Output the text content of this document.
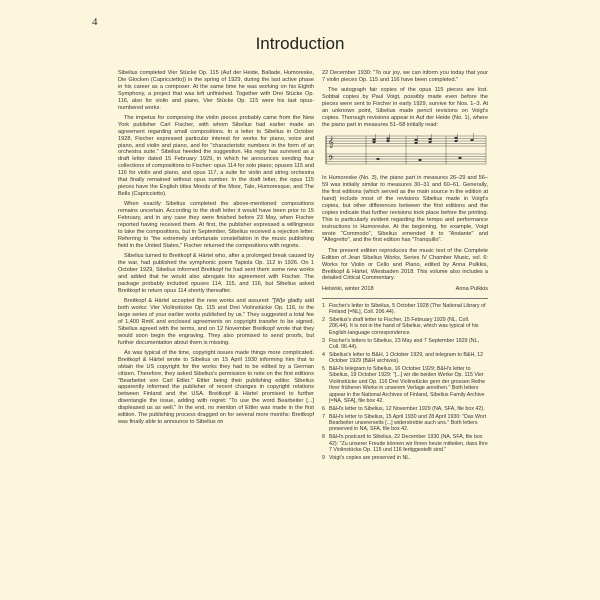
4
Introduction

Sibelius completed Vier Stücke Op. 115 (Auf der Heide, Ballade, Humoreske, Die Glocken (Capriccietto)) in the spring of 1929, during the last active phase in his career as a composer. At the same time he was working on his Eighth Symphony, a project that was left unfinished. Together with Drei Stücke Op. 116, also for violin and piano, Vier Stücke Op. 115 were his last opus-numbered works.

The impetus for composing the violin pieces probably came from the New York publisher Carl Fischer, with whom Sibelius had earlier made an agreement regarding small compositions. In a letter to Sibelius in October 1928, Fischer expressed particular interest for works for piano, voice and piano, and violin and piano, and for "characteristic numbers in the form of an orchestra suite." Sibelius heeded the suggestion. His reply has survived as a draft letter dated 15 February 1929, in which he announces sending four collections of compositions to Fischer: opus 114 for solo piano; opuses 115 and 116 for violin and piano, and opus 117, a suite for violin and string orchestra that finally remained without opus number. In the draft letter, the opus 115 pieces have the English titles Moods of the Moor, Tale, Humoresque, and The Bells (Capriccietto).

When exactly Sibelius completed the above-mentioned compositions remains uncertain. According to the draft letter it would have been prior to 15 February, and in any case they were finished before 23 May, when Fischer reported having received them. At first, the publisher expressed a willingness to take the compositions, but in September, Sibelius received a rejection letter. Referring to "the extremely unfortunate constellation in the music publishing field in the United States," Fischer returned the compositions with regrets.

Sibelius turned to Breitkopf & Härtel who, after a prolonged break caused by the war, had published the symphonic poem Tapiola Op. 112 in 1926. On 1 October 1929, Sibelius informed Breitkopf he had sent them some new works and added that he would also abrogate his agreement with Fischer. The package probably included opuses 114, 115, and 116, but Sibelius asked Breitkopf to return opus 114 shortly thereafter.

Breitkopf & Härtel accepted the new works and assured: "[W]e gladly add both works: Vier Violinstücke Op. 115 and Drei Violinstücke Op. 116, to the large series of your earlier works published by us." They suggested a total fee of 1,400 RmK and enclosed agreements on copyright transfer to be signed. Sibelius agreed with the terms, and on 12 November Breitkopf wrote that they would soon begin the engraving. They also promised to send proofs, but further documentation about them is missing.

As was typical of the time, copyright issues made things more complicated. Breitkopf & Härtel wrote to Sibelius on 15 April 1930 informing him that to obtain the US copyright for the works they had to be edited by a German citizen. Therefore, they asked Sibelius's permission to note on the first editions "Bearbeitet von Carl Ettler." Ettler being their publishing editor. Sibelius apparently informed the publisher of recent changes in copyright relations between Finland and the USA. Breitkopf & Härtel promised to further disentangle the issue, adding with regret: "To use the word Bearbeiter [...] displeased us as well." In the end, no mention of Ettler was made in the first edition. The publishing process dragged on for several more months: Breitkopf was finally able to announce to Sibelius on

22 December 1930: "To our joy, we can inform you today that your 7 violin pieces Op. 115 and 116 have been completed."

The autograph fair copies of the opus 115 pieces are lost. Sobbal copies by Paul Voigt, possibly made even before the pieces were sent to Fischer in early 1929, survive for Nos. 1–3. At an unknown point, Sibelius made pencil revisions on Voigt's copies. Thorough revisions appear in Auf der Heide (No. 1), where the piano part in measures 51–58 initially read:

𝄞
𝄢

In Humoreske (No. 3), the piano part in measures 26–29 and 56–59 was initially similar to measures 30–31 and 60–61. Generally, the first editions (which served as the main source in the edition at hand) include most of the revisions Sibelius made in Voigt's copies, but other differences between the first editions and the copies indicate that further revisions took place before the printing. This is particularly evident regarding the tempo and performance instructions in Humoreske. At the beginning, for example, Voigt wrote "Commodo", Sibelius emended it to "Andante" and "Allegretto", and the first edition has "Tranquillo".

The present edition reproduces the music text of the Complete Edition of Jean Sibelius Works, Series IV Chamber Music, vol. 6: Works for Violin or Cello and Piano, edited by Anna Pulkkis, Breitkopf & Härtel, Wiesbaden 2018. This volume also includes a detailed Critical Commentary.

Helsinki, winter 2018	Anna Pulkkis
1 Fischer's letter to Sibelius, 5 October 1928 (The National Library of Finland [=NL], Coll. 206.44).
2 Sibelius's draft letter to Fischer, 15 February 1929 (NL, Coll. 206.44). It is not in the hand of Sibelius, which was typical of his English-language correspondence.
3 Fischer's letters to Sibelius, 23 May and 7 September 1929 (NL, Coll. 06.44).
4 Sibelius's letter to B&H, 1 October 1929, and telegram to B&H, 12 October 1929 (B&H archives).
5 B&H's telegram to Sibelius, 16 October 1929; B&H's letter to Sibelius, 19 October 1929: "[...] wir die beiden Werke Op. 115 Vier Violinstücke und Op. 116 Drei Violinstücke gern der grossen Reihe Ihrer früheren Werke in unserem Verlage anreihen." Both letters appear in the National Archives of Finland, Sibelius Family Archive [=NA, SFA], file box 42.
6 B&H's letter to Sibelius, 12 November 1929 (NA, SFA, file box 42).
7 B&H's letter to Sibelius, 15 April 1930 and 28 April 1930: "Das Wort Bearbeiter unsererseits [...] widerstrebte auch uns." Both letters preserved in NA, SFA, file box 42.
8 B&H's postcard to Sibelius, 22 December 1930 (NA, SFA, file box 42): "Zu unserer Freude können wir Ihnen heute mitteilen, dass Ihre 7 Violinstücke Op. 115 und 116 fertiggestellt sind."
9 Voigt's copies are preserved in NL.
